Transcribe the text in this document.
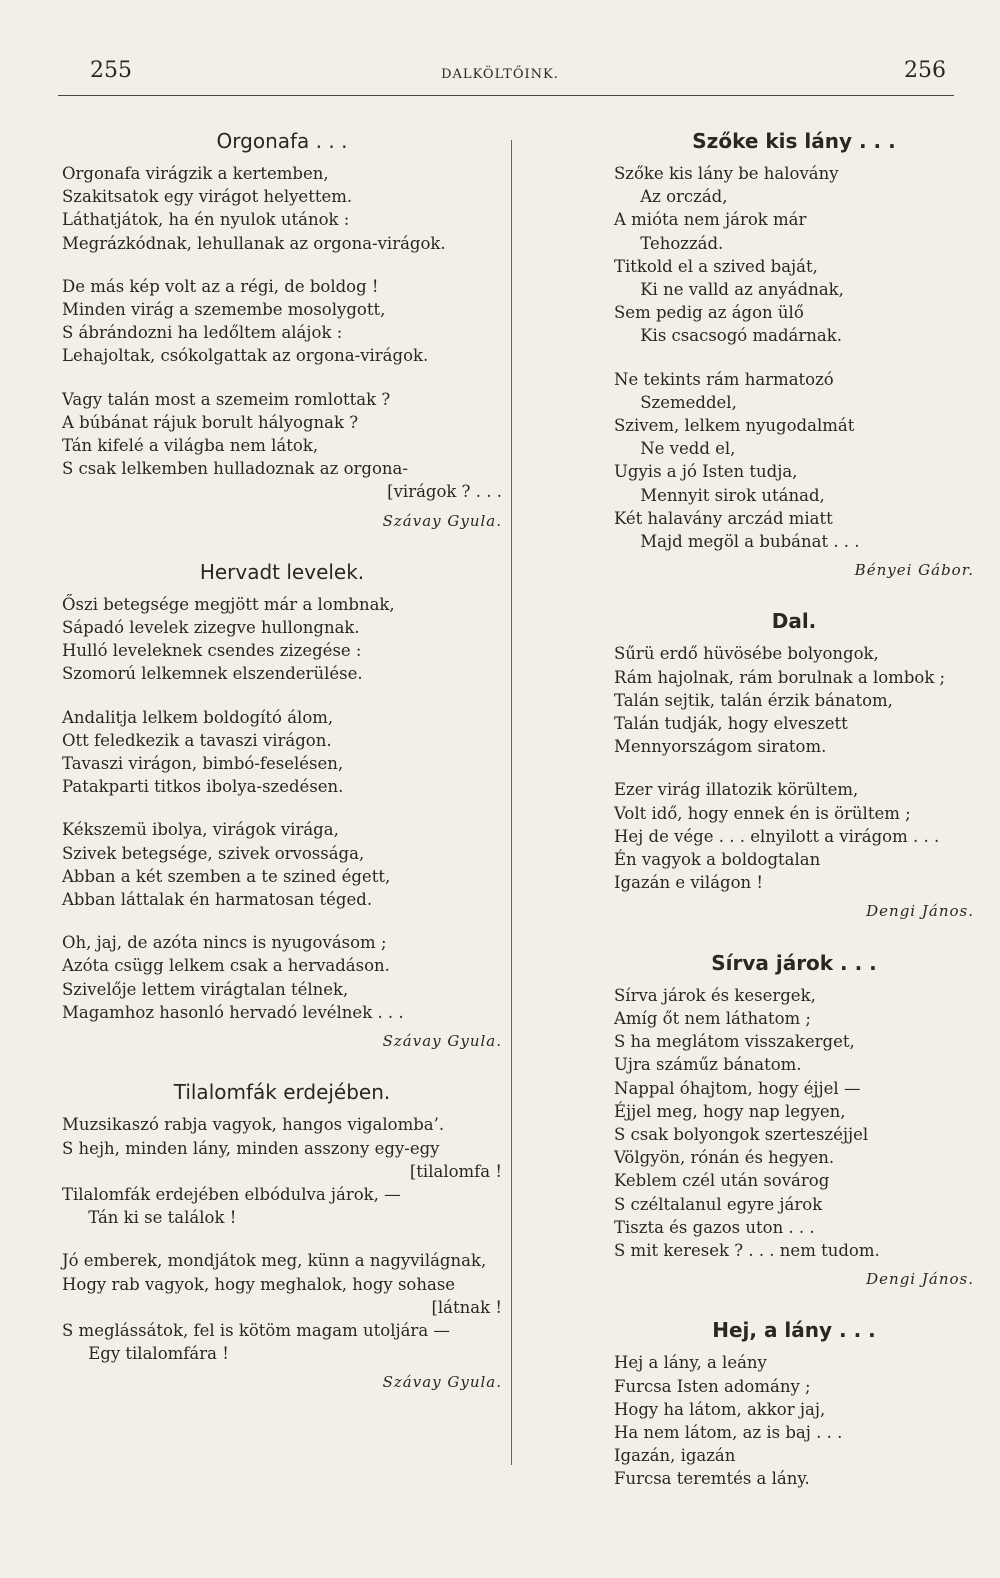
255	DALKÖLTŐINK.	256
Orgonafa . . .
Orgonafa virágzik a kertemben,
Szakitsatok egy virágot helyettem.
Láthatjátok, ha én nyulok utánok :
Megrázkódnak, lehullanak az orgona-virágok.
De más kép volt az a régi, de boldog !
Minden virág a szemembe mosolygott,
S ábrándozni ha ledőltem alájok :
Lehajoltak, csókolgattak az orgona-virágok.
Vagy talán most a szemeim romlottak ?
A búbánat rájuk borult hályognak ?
Tán kifelé a világba nem látok,
S csak lelkemben hulladoznak az orgona-
[virágok ? . . .
Szávay Gyula.
Hervadt levelek.
Őszi betegsége megjött már a lombnak,
Sápadó levelek zizegve hullongnak.
Hulló leveleknek csendes zizegése :
Szomorú lelkemnek elszenderülése.
Andalitja lelkem boldogító álom,
Ott feledkezik a tavaszi virágon.
Tavaszi virágon, bimbó-feselésen,
Patakparti titkos ibolya-szedésen.
Kékszemü ibolya, virágok virága,
Szivek betegsége, szivek orvossága,
Abban a két szemben a te szined égett,
Abban láttalak én harmatosan téged.
Oh, jaj, de azóta nincs is nyugovásom ;
Azóta csügg lelkem csak a hervadáson.
Szivelője lettem virágtalan télnek,
Magamhoz hasonló hervadó levélnek . . .
Szávay Gyula.
Tilalomfák erdejében.
Muzsikaszó rabja vagyok, hangos vigalomba’.
S hejh, minden lány, minden asszony egy-egy
[tilalomfa !
Tilalomfák erdejében elbódulva járok, —
Tán ki se találok !
Jó emberek, mondjátok meg, künn a nagyvilágnak,
Hogy rab vagyok, hogy meghalok, hogy sohase
[látnak !
S meglássátok, fel is kötöm magam utoljára —
Egy tilalomfára !
Szávay Gyula.
Szőke kis lány . . .
Szőke kis lány be halovány
Az orczád,
A mióta nem járok már
Tehozzád.
Titkold el a szived baját,
Ki ne valld az anyádnak,
Sem pedig az ágon ülő
Kis csacsogó madárnak.
Ne tekints rám harmatozó
Szemeddel,
Szivem, lelkem nyugodalmát
Ne vedd el,
Ugyis a jó Isten tudja,
Mennyit sirok utánad,
Két halavány arczád miatt
Majd megöl a bubánat . . .
Bényei Gábor.
Dal.
Sűrü erdő hüvösébe bolyongok,
Rám hajolnak, rám borulnak a lombok ;
Talán sejtik, talán érzik bánatom,
Talán tudják, hogy elveszett
Mennyországom siratom.
Ezer virág illatozik körültem,
Volt idő, hogy ennek én is örültem ;
Hej de vége . . . elnyilott a virágom . . .
Én vagyok a boldogtalan
Igazán e világon !
Dengi János.
Sírva járok . . .
Sírva járok és kesergek,
Amíg őt nem láthatom ;
S ha meglátom visszakerget,
Ujra száműz bánatom.
Nappal óhajtom, hogy éjjel —
Éjjel meg, hogy nap legyen,
S csak bolyongok szerteszéjjel
Völgyön, rónán és hegyen.
Keblem czél után sovárog
S czéltalanul egyre járok
Tiszta és gazos uton . . .
S mit keresek ? . . . nem tudom.
Dengi János.
Hej, a lány . . .
Hej a lány, a leány
Furcsa Isten adomány ;
Hogy ha látom, akkor jaj,
Ha nem látom, az is baj . . .
Igazán, igazán
Furcsa teremtés a lány.
